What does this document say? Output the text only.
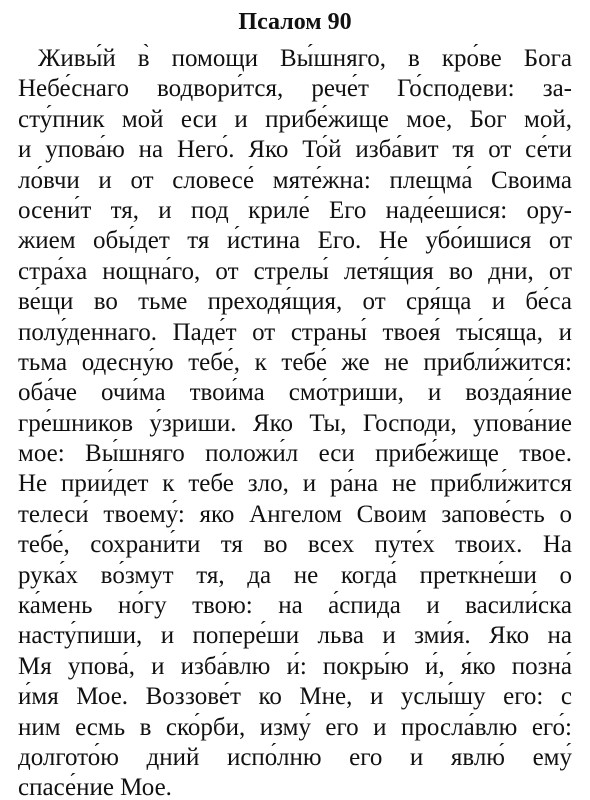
Псалом 90
Живы́й в̀ помощи Вы́шняго, в кро́ве Бога
Небе́снаго водвори́тся, рече́т Го́сподеви: за-
сту́пник мой еси и прибе́жище мое, Бог мой,
и упова́ю на Него́. Яко То́й изба́вит тя от се́ти
ло́вчи и от словесе́ мяте́жна: плещма́ Своима
осени́т тя, и под криле́ Его наде́ешися: ору-
жием обы́дет тя и́стина Его. Не убо́ишися от
стра́ха нощна́го, от стрелы́ летя́щия во дни, от
ве́щи во тьме преходя́щия, от сря́ща и бе́са
полу́деннаго. Паде́т от страны́ твоея́ ты́сяща, и
тьма одесну́ю тебе́, к тебе́ же не прибли́жится:
оба́че очи́ма твои́ма смо́триши, и воздая́ние
гре́шников у́зриши. Яко Ты, Господи, упова́ние
мое: Вы́шняго положи́л еси прибе́жище твое.
Не прии́дет к тебе зло, и ра́на не прибли́жится
телеси́ твоему́: яко Ангелом Своим запове́сть о
тебе́, сохрани́ти тя во всех путе́х твоих. На
рука́х во́змут тя, да не когда́ преткне́ши о
ка́мень но́гу твою: на а́спида и васили́ска
насту́пиши, и попере́ши льва и зми́я. Яко на
Мя упова́, и изба́влю и́: покры́ю и́, я́ко позна́
и́мя Мое. Воззове́т ко Мне, и услы́шу его: с
ним есмь в ско́рби, изму́ его и просла́влю его́:
долгото́ю дний испо́лню его и явлю́ ему́
спасе́ние Мое.
